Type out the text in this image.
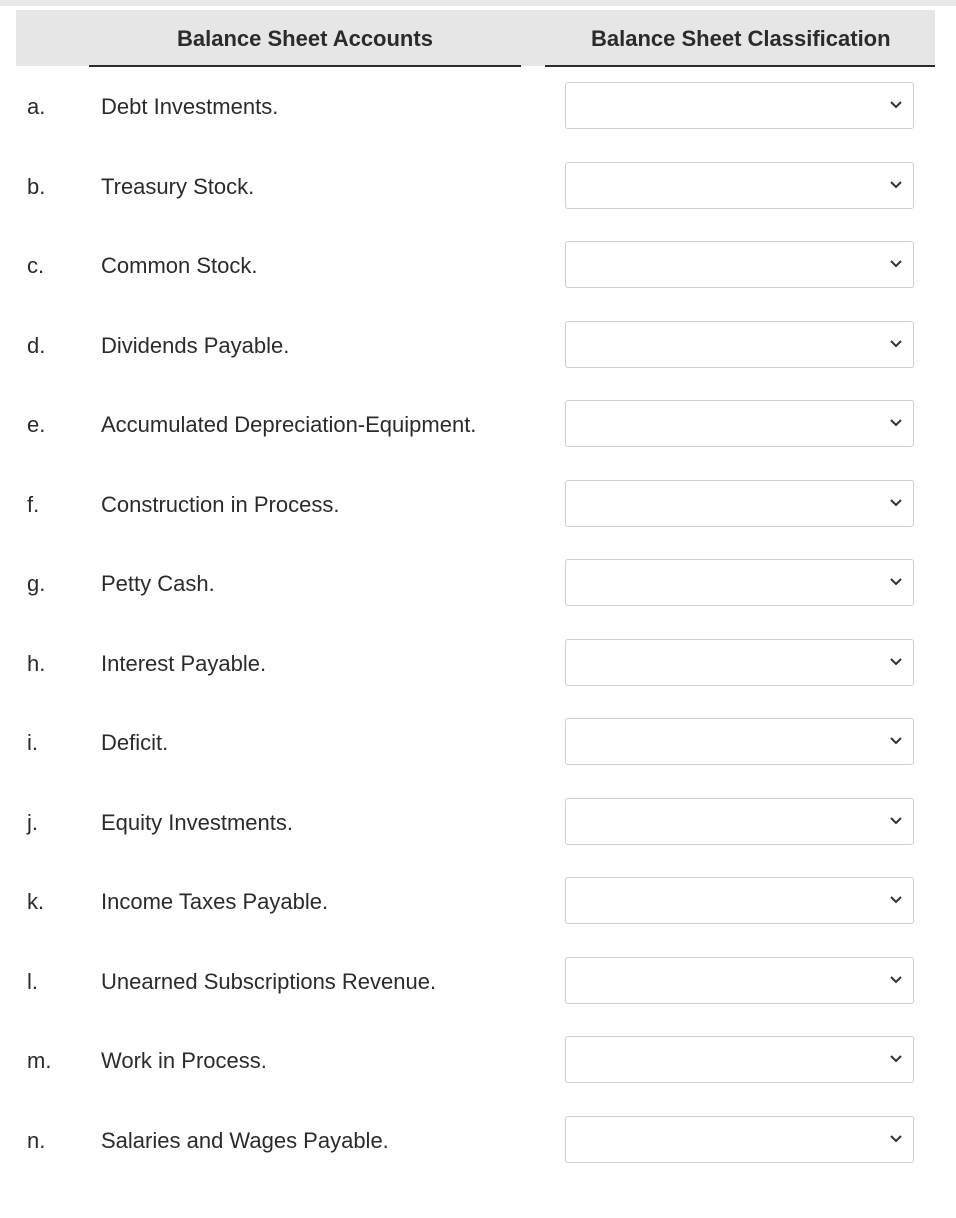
Balance Sheet Accounts	Balance Sheet Classification
a.	Debt Investments.
b.	Treasury Stock.
c.	Common Stock.
d.	Dividends Payable.
e.	Accumulated Depreciation-Equipment.
f.	Construction in Process.
g.	Petty Cash.
h.	Interest Payable.
i.	Deficit.
j.	Equity Investments.
k.	Income Taxes Payable.
l.	Unearned Subscriptions Revenue.
m. Work in Process.
n.	Salaries and Wages Payable.
